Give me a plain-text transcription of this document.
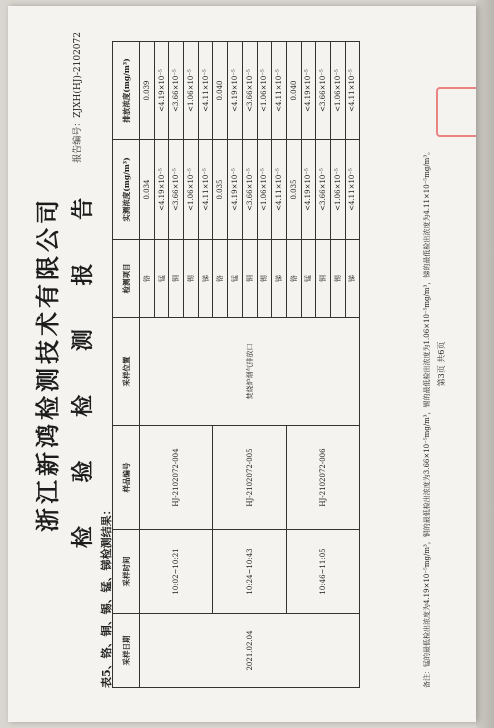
浙江新鸿检测技术有限公司 检 验 检 测 报 告
报告编号：ZJXH(HJ)-2102072
表5、铬、铜、锡、锰、锑检测结果： 采样日期	采样时间	样品编号	采样位置	检测项目	实测浓度(mg/m³)	排放浓度(mg/m³)
2021.02.04	10:02~10:21	HJ-2102072-004	焚烧炉烟气排放口	铬	0.034	0.039
				锰	<4.19×10⁻⁵	<4.19×10⁻⁵
				铜	<3.66×10⁻⁵	<3.66×10⁻⁵
				锡	<1.06×10⁻⁵	<1.06×10⁻⁵
				锑	<4.11×10⁻⁵	<4.11×10⁻⁵
	10:24~10:43	HJ-2102072-005		铬	0.035	0.040
				锰	<4.19×10⁻⁵	<4.19×10⁻⁵
				铜	<3.66×10⁻⁵	<3.66×10⁻⁵
				锡	<1.06×10⁻⁵	<1.06×10⁻⁵
				锑	<4.11×10⁻⁵	<4.11×10⁻⁵
	10:46~11:05	HJ-2102072-006		铬	0.035	0.040
				锰	<4.19×10⁻⁵	<4.19×10⁻⁵
				铜	<3.66×10⁻⁵	<3.66×10⁻⁵
				锡	<1.06×10⁻⁵	<1.06×10⁻⁵
				锑	<4.11×10⁻⁵	<4.11×10⁻⁵
备注：锰的最低检出浓度为4.19×10⁻⁵mg/m³，铜的最低检出浓度为3.66×10⁻⁵mg/m³，锡的最低检出浓度为1.06×10⁻⁵mg/m³，锑的最低检出浓度为4.11×10⁻⁵mg/m³。 第3页 共6页
